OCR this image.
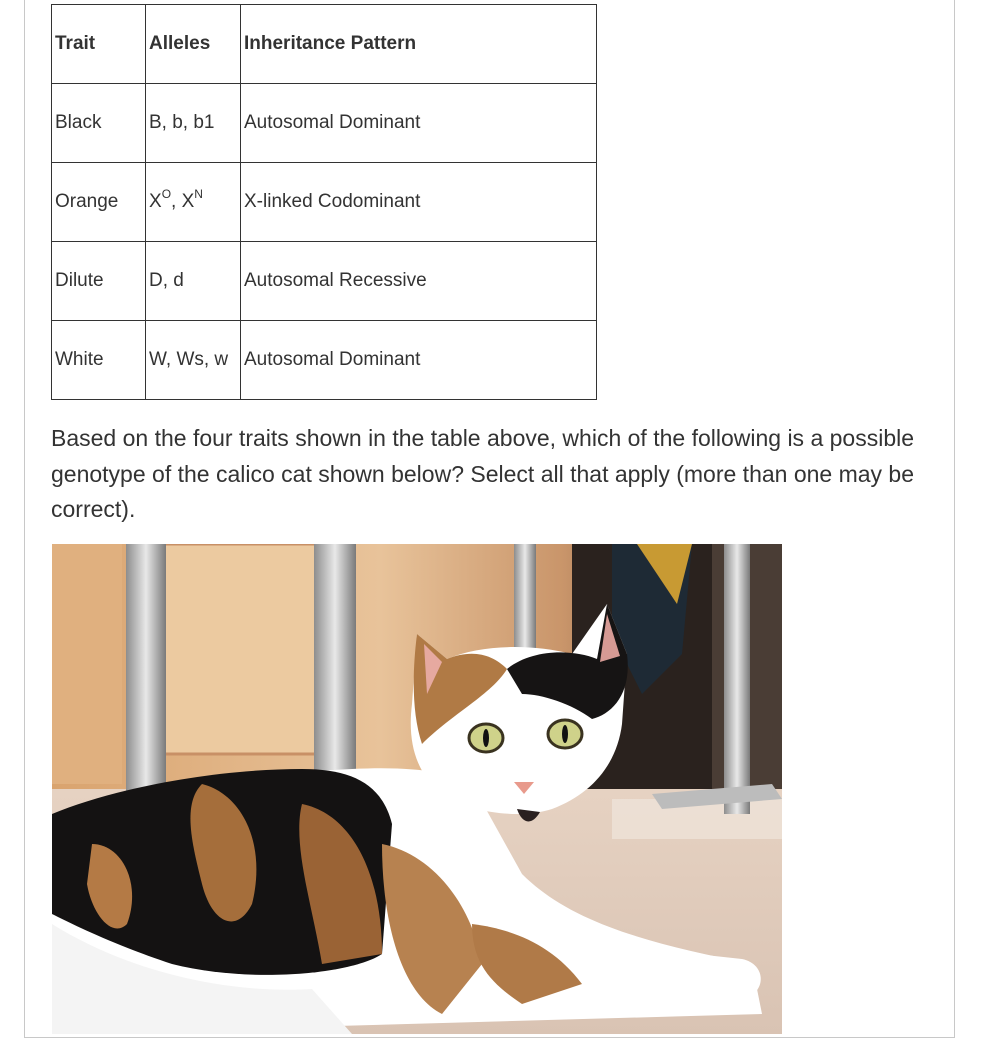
Trait	Alleles	Inheritance Pattern
Black	B, b, b1	Autosomal Dominant
Orange	$X^O$, $X^N$	X-linked Codominant
Dilute	D, d	Autosomal Recessive
White	W, Ws, w	Autosomal Dominant
Based on the four traits shown in the table above, which of the following is a possible genotype of the calico cat shown below? Select all that apply (more than one may be correct).
